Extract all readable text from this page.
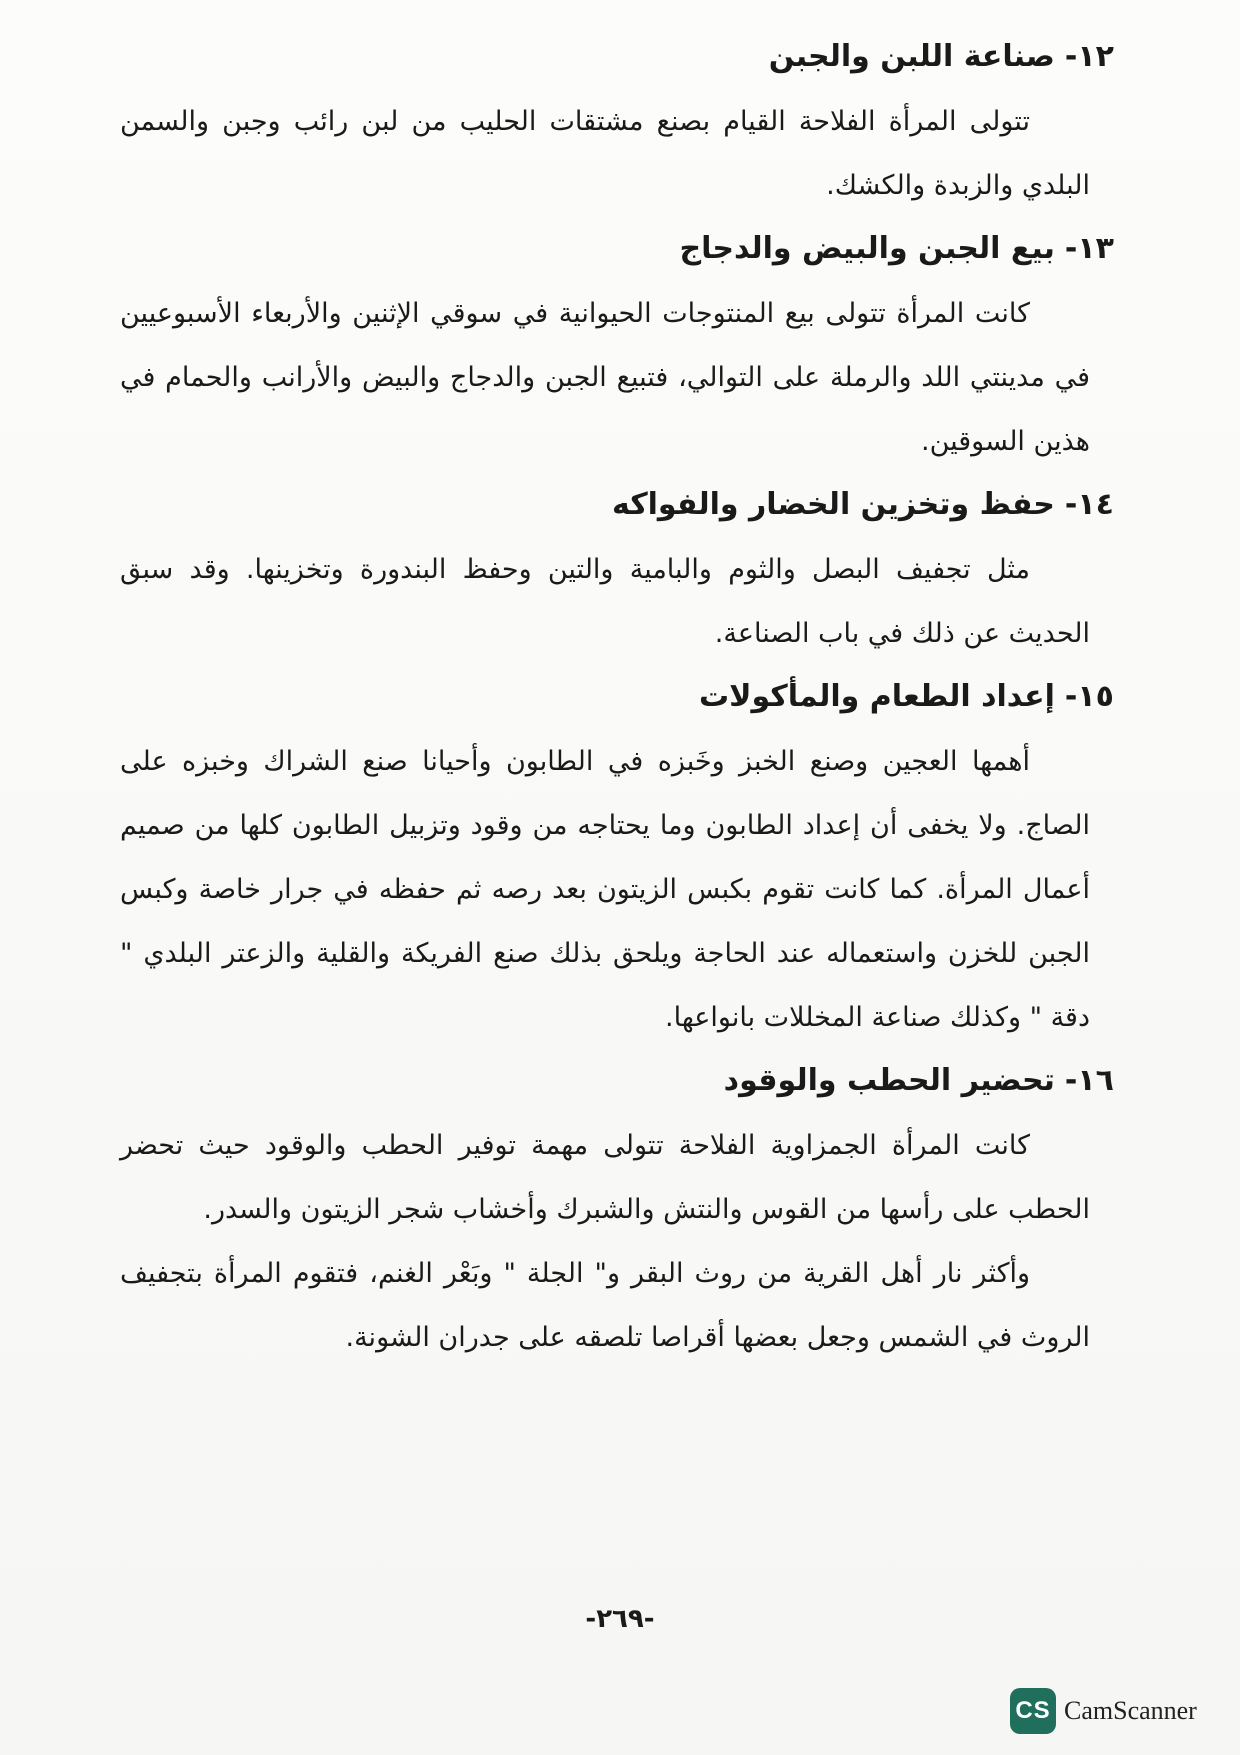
١٢-
صناعة اللبن والجبن

تتولى المرأة الفلاحة القيام بصنع مشتقات الحليب من لبن رائب وجبن والسمن البلدي والزبدة والكشك.

١٣-
بيع الجبن والبيض والدجاج

كانت المرأة تتولى بيع المنتوجات الحيوانية في سوقي الإثنين والأربعاء الأسبوعيين في مدينتي اللد والرملة على التوالي، فتبيع الجبن والدجاج والبيض والأرانب والحمام في هذين السوقين.

١٤-
حفظ وتخزين الخضار والفواكه

مثل تجفيف البصل والثوم والبامية والتين وحفظ البندورة وتخزينها. وقد سبق الحديث عن ذلك في باب الصناعة.

١٥-
إعداد الطعام والمأكولات

أهمها العجين وصنع الخبز وخَبزه في الطابون وأحيانا صنع الشراك وخبزه على الصاج. ولا يخفى أن إعداد الطابون وما يحتاجه من وقود وتزبيل الطابون كلها من صميم أعمال المرأة. كما كانت تقوم بكبس الزيتون بعد رصه ثم حفظه في جرار خاصة وكبس الجبن للخزن واستعماله عند الحاجة ويلحق بذلك صنع الفريكة والقلية والزعتر البلدي " دقة " وكذلك صناعة المخللات بانواعها.

١٦-
تحضير الحطب والوقود

كانت المرأة الجمزاوية الفلاحة تتولى مهمة توفير الحطب والوقود حيث تحضر الحطب على رأسها من القوس والنتش والشبرك وأخشاب شجر الزيتون والسدر.

وأكثر نار أهل القرية من روث البقر و" الجلة " وبَعْر الغنم، فتقوم المرأة بتجفيف الروث في الشمس وجعل بعضها أقراصا تلصقه على جدران الشونة.

-٢٦٩-
CS CamScanner
